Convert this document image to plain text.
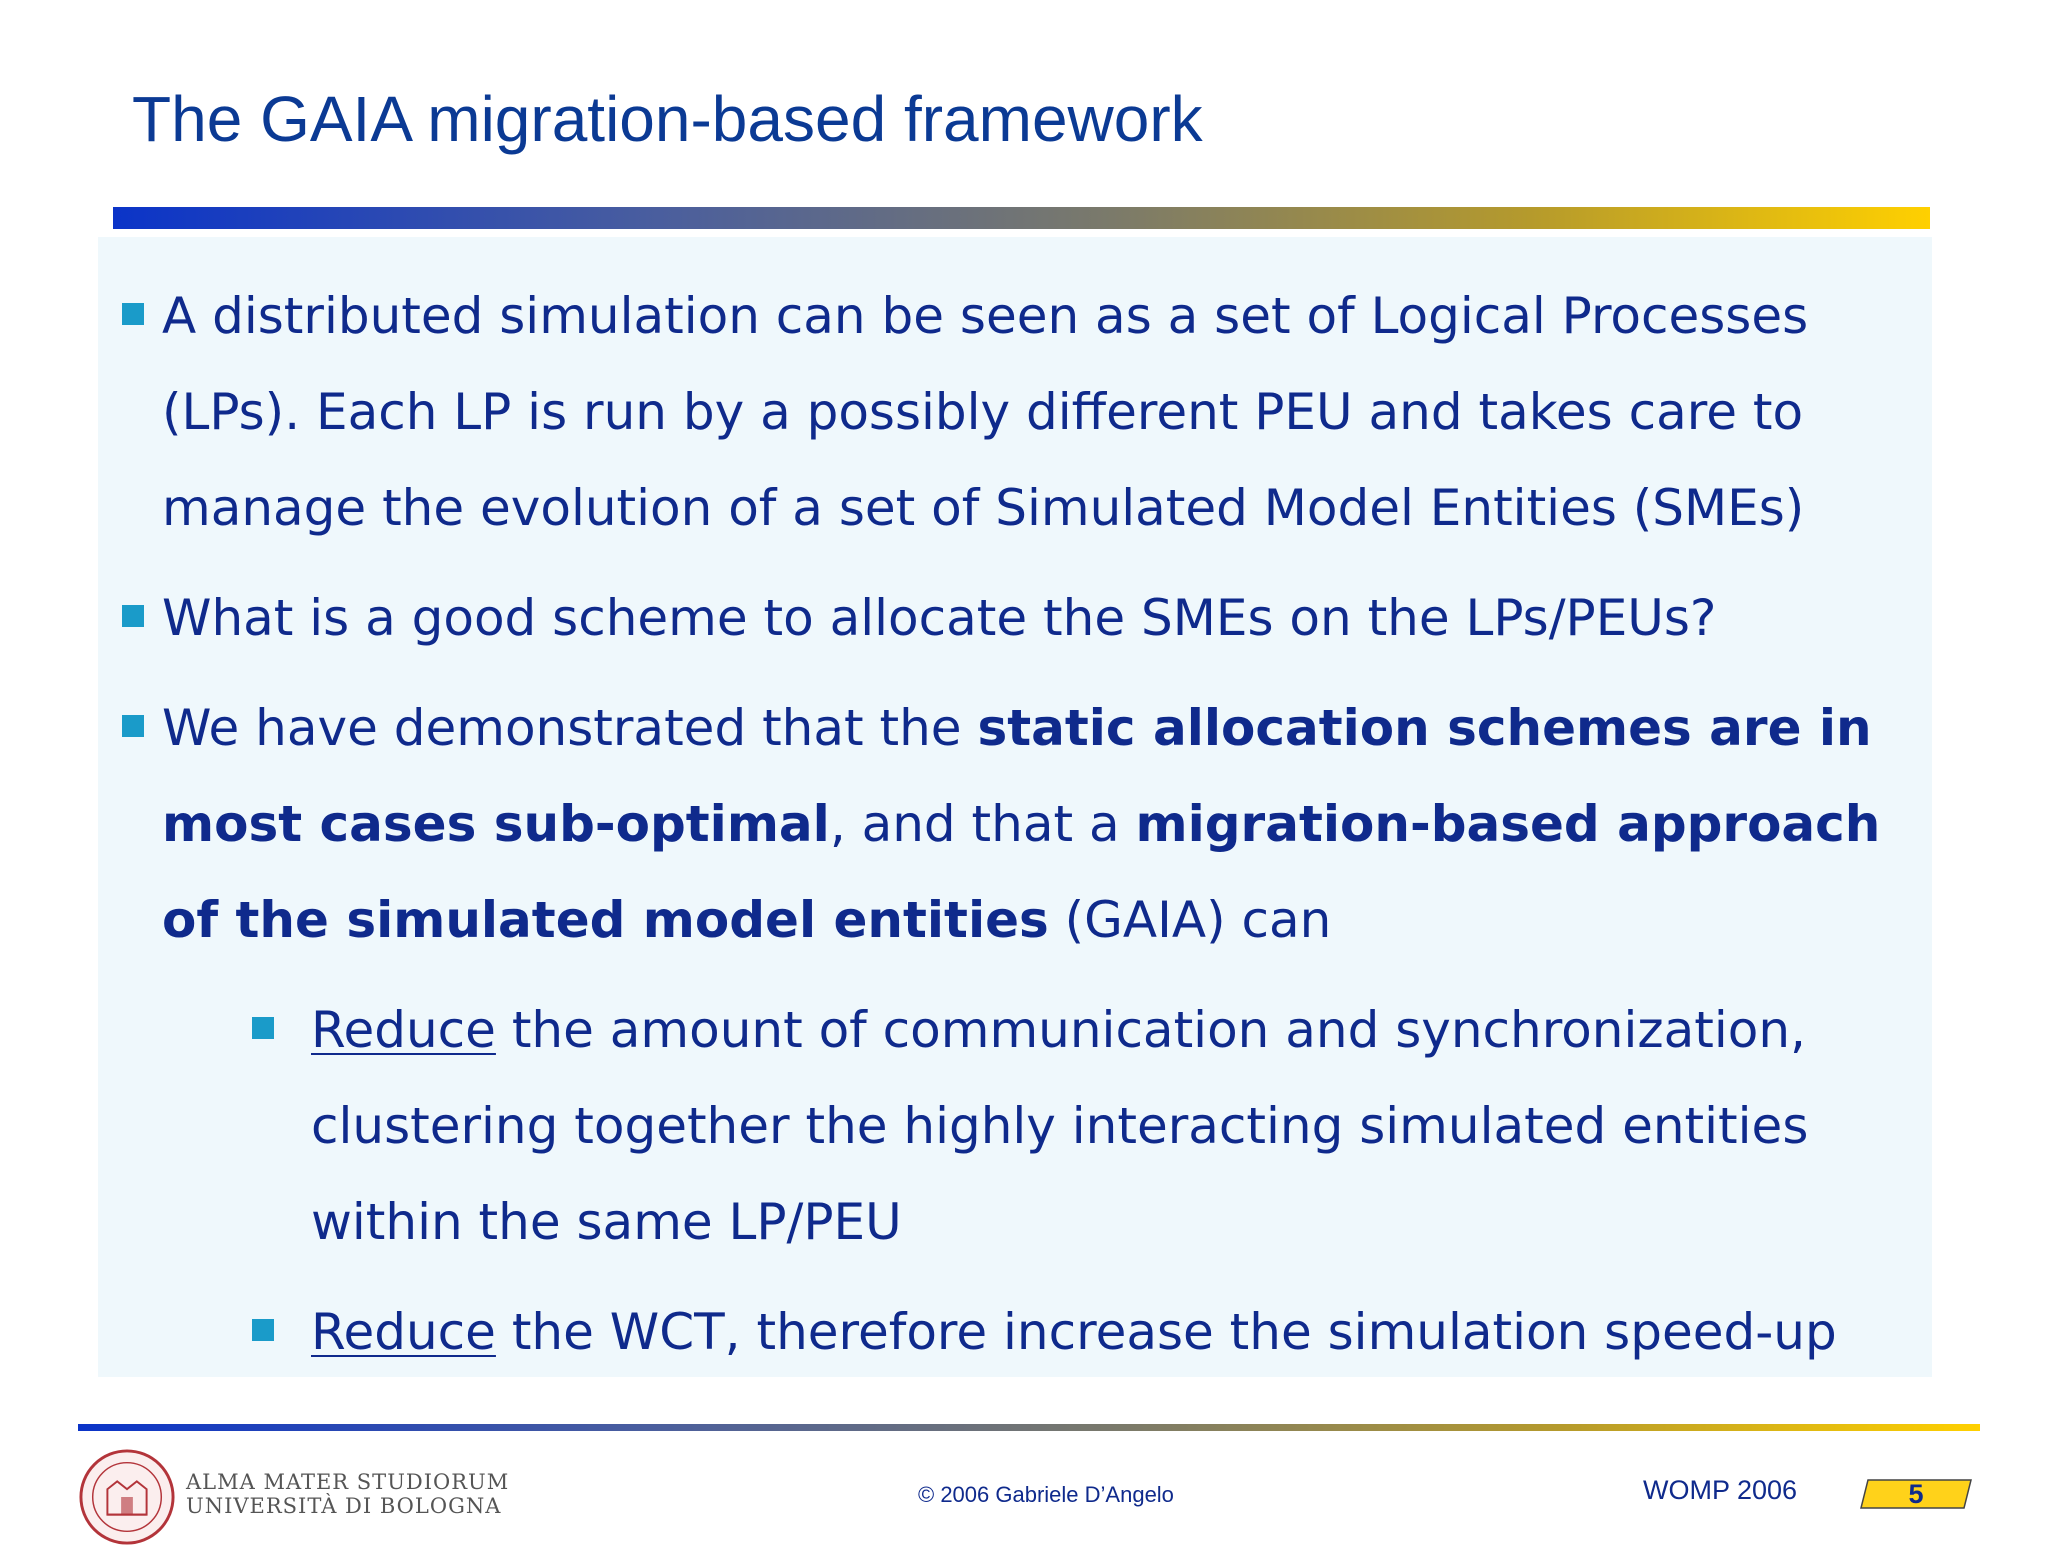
The GAIA migration-based framework
A distributed simulation can be seen as a set of Logical Processes (LPs). Each LP is run by a possibly different PEU and takes care to manage the evolution of a set of Simulated Model Entities (SMEs)
What is a good scheme to allocate the SMEs on the LPs/PEUs?
We have demonstrated that the static allocation schemes are in most cases sub-optimal, and that a migration-based approach of the simulated model entities (GAIA) can
Reduce the amount of communication and synchronization, clustering together the highly interacting simulated entities within the same LP/PEU
Reduce the WCT, therefore increase the simulation speed-up
ALMA MATER STUDIORUM
UNIVERSITÀ DI BOLOGNA	© 2006 Gabriele D’Angelo	WOMP 2006	5
